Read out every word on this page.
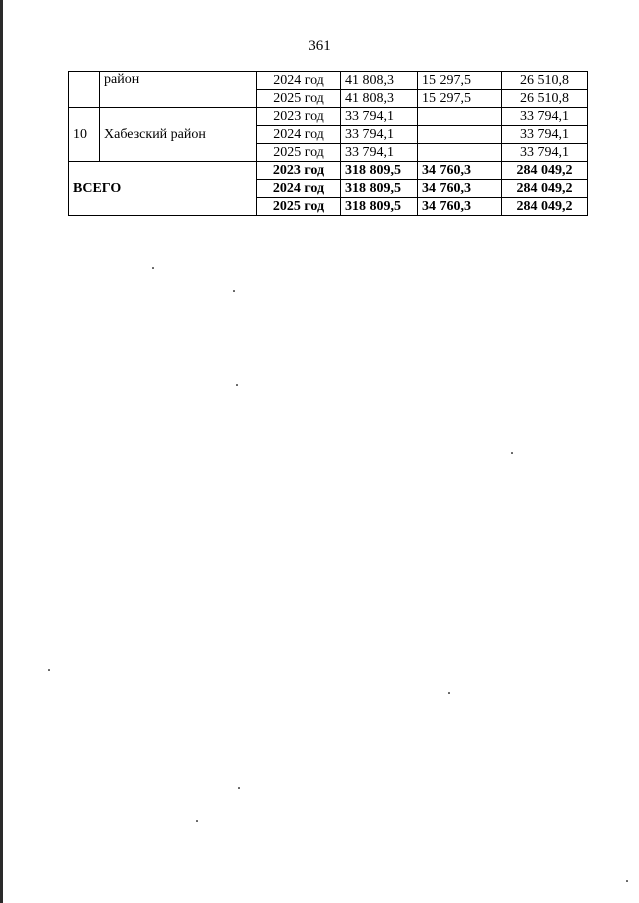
361
	район	2024 год	41 808,3	15 297,5	26 510,8
		2025 год	41 808,3	15 297,5	26 510,8
10	Хабезский район	2023 год	33 794,1		33 794,1
		2024 год	33 794,1		33 794,1
		2025 год	33 794,1		33 794,1
ВСЕГО		2023 год	318 809,5	34 760,3	284 049,2
		2024 год	318 809,5	34 760,3	284 049,2
		2025 год	318 809,5	34 760,3	284 049,2
